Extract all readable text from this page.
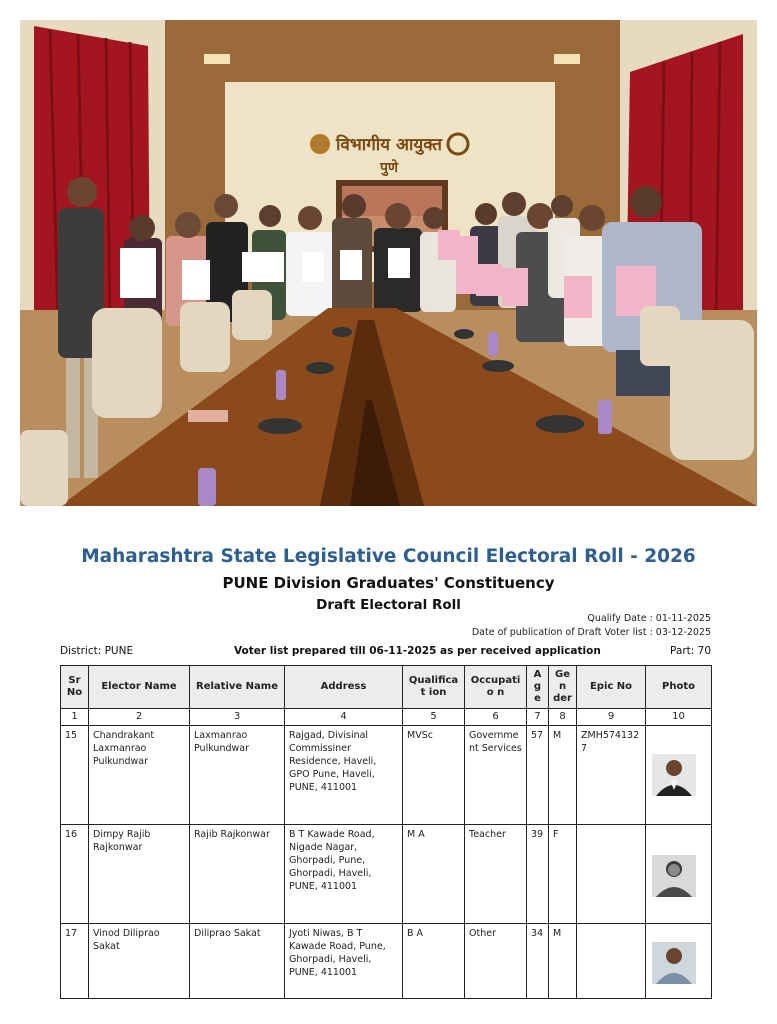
विभागीय आयुक्त
पुणे
Maharashtra State Legislative Council Electoral Roll - 2026
PUNE Division Graduates' Constituency
Draft Electoral Roll
Qualify Date : 01-11-2025
Date of publication of Draft Voter list : 03-12-2025
District: PUNE	Voter list prepared till 06-11-2025 as per received application	Part: 70
Sr No	Elector Name	Relative Name	Address	Qualificat ion	Occupatio n	Ag e	Gen der	Epic No	Photo
1	2	3	4	5	6	7	8	9	10
15	Chandrakant Laxmanrao Pulkundwar	Laxmanrao Pulkundwar	Rajgad, Divisinal Commissiner Residence, Haveli, GPO Pune, Haveli, PUNE, 411001	MVSc	Governme nt Services	57	M	ZMH574132 7	

16	Dimpy Rajib Rajkonwar	Rajib Rajkonwar	B T Kawade Road, Nigade Nagar, Ghorpadi, Pune, Ghorpadi, Haveli, PUNE, 411001	M A	Teacher	39	F		

17	Vinod Diliprao Sakat	Diliprao Sakat	Jyoti Niwas, B T Kawade Road, Pune, Ghorpadi, Haveli, PUNE, 411001	B A	Other	34	M		
